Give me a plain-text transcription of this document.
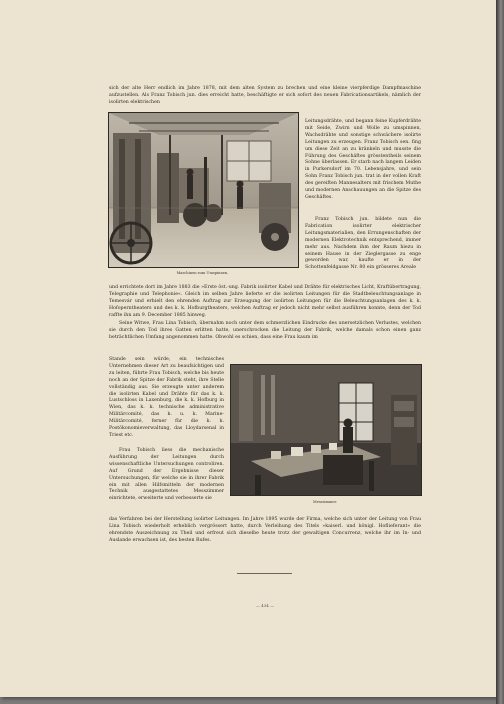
sich der alte Herr endlich im Jahre 1878, mit dem alten System zu brechen und eine kleine vierpferdige Dampfmaschine aufzustellen. Als Franz Tobisch jun. dies erreicht hatte, beschäftigte er sich sofort des neuen Fabricationsartikels, nämlich der isolirten elektrischen
Maschinen zum Umspinnen.
Leitungsdrähte, und begann feine Kupferdrähte mit Seide, Zwirn und Wolle zu umspinnen, Wachsdrähte und sonstige schwächere isolirte Leitungen zu erzeugen. Franz Tobisch sen. fing um diese Zeit an zu kränkeln und musste die Führung des Geschäftes grösstentheils seinem Sohne überlassen. Er starb nach langem Leiden in Purkersdorf im 70. Lebensjahre, und sein Sohn Franz Tobisch jun. trat in der vollen Kraft des gereiften Mannesalters mit frischem Muthe und modernen Anschauungen an die Spitze des Geschäftes.
Franz Tobisch jun. bildete nun die Fabrication isolirter elektrischer Leitungsmaterialien, den Errungenschaften der modernen Elektrotechnik entsprechend, immer mehr aus. Nachdem ihm der Raum hiezu in seinem Hause in der Zieglergasse zu enge geworden war, kaufte er in der Schottenfeldgasse Nr. 80 ein grösseres Areale
und errichtete dort im Jahre 1883 die »Erste öst.-ung. Fabrik isolirter Kabel und Drähte für elektrisches Licht, Kraftübertragung, Telegraphie und Telephonie«. Gleich im selben Jahre lieferte er die isolirten Leitungen für die Stadtbeleuchtungsanlage in Temesvár und erhielt den ehrenden Auftrag zur Erzeugung der isolirten Leitungen für die Beleuchtungsanlagen des k. k. Hofoperntheaters und des k. k. Hofburgtheaters, welchen Auftrag er jedoch nicht mehr selbst ausführen konnte, denn der Tod raffte ihn am 9. December 1885 hinweg.
Seine Witwe, Frau Lina Tobisch, übernahm noch unter dem schmerzlichen Eindrucke des unersetzlichen Verlustes, welchen sie durch den Tod ihres Gatten erlitten hatte, unerschrocken die Leitung der Fabrik, welche damals schon einen ganz beträchtlichen Umfang angenommen hatte. Obwohl es schien, dass eine Frau kaum im
Messzimmer.
Stande sein würde, ein technisches Unternehmen dieser Art zu beaufsichtigen und zu leiten, führte Frau Tobisch, welche bis heute noch an der Spitze der Fabrik steht, ihre Stelle vollständig aus. Sie erzeugte unter anderem die isolirten Kabel und Drähte für das k. k. Lustschloss in Laxenburg, die k. k. Hofburg in Wien, das k. k. technische administrative Militärcomité, das k. u. k. Marine-Militärcomité, ferner für die k. k. Postökonomieverwaltung, das Lloydarsenal in Triest etc.
Frau Tobisch liess die mechanische Ausführung der Leitungen durch wissenschaftliche Untersuchungen controliren. Auf Grund der Ergebnisse dieser Untersuchungen, für welche sie in ihrer Fabrik ein mit allen Hilfsmitteln der modernen Technik ausgestattetes Messzimmer einrichtete, erweiterte und verbesserte sie
das Verfahren bei der Herstellung isolirter Leitungen. Im Jahre 1895 wurde der Firma, welche sich unter der Leitung von Frau Lina Tobisch wiederholt erheblich vergrössert hatte, durch Verleihung des Titels »kaiserl. und königl. Hoflieferant« die ehrendste Auszeichnung zu Theil und erfreut sich dieselbe heute trotz der gewaltigen Concurrenz, welche ihr im In- und Auslande erwachsen ist, des besten Rufes.
— 434 —
